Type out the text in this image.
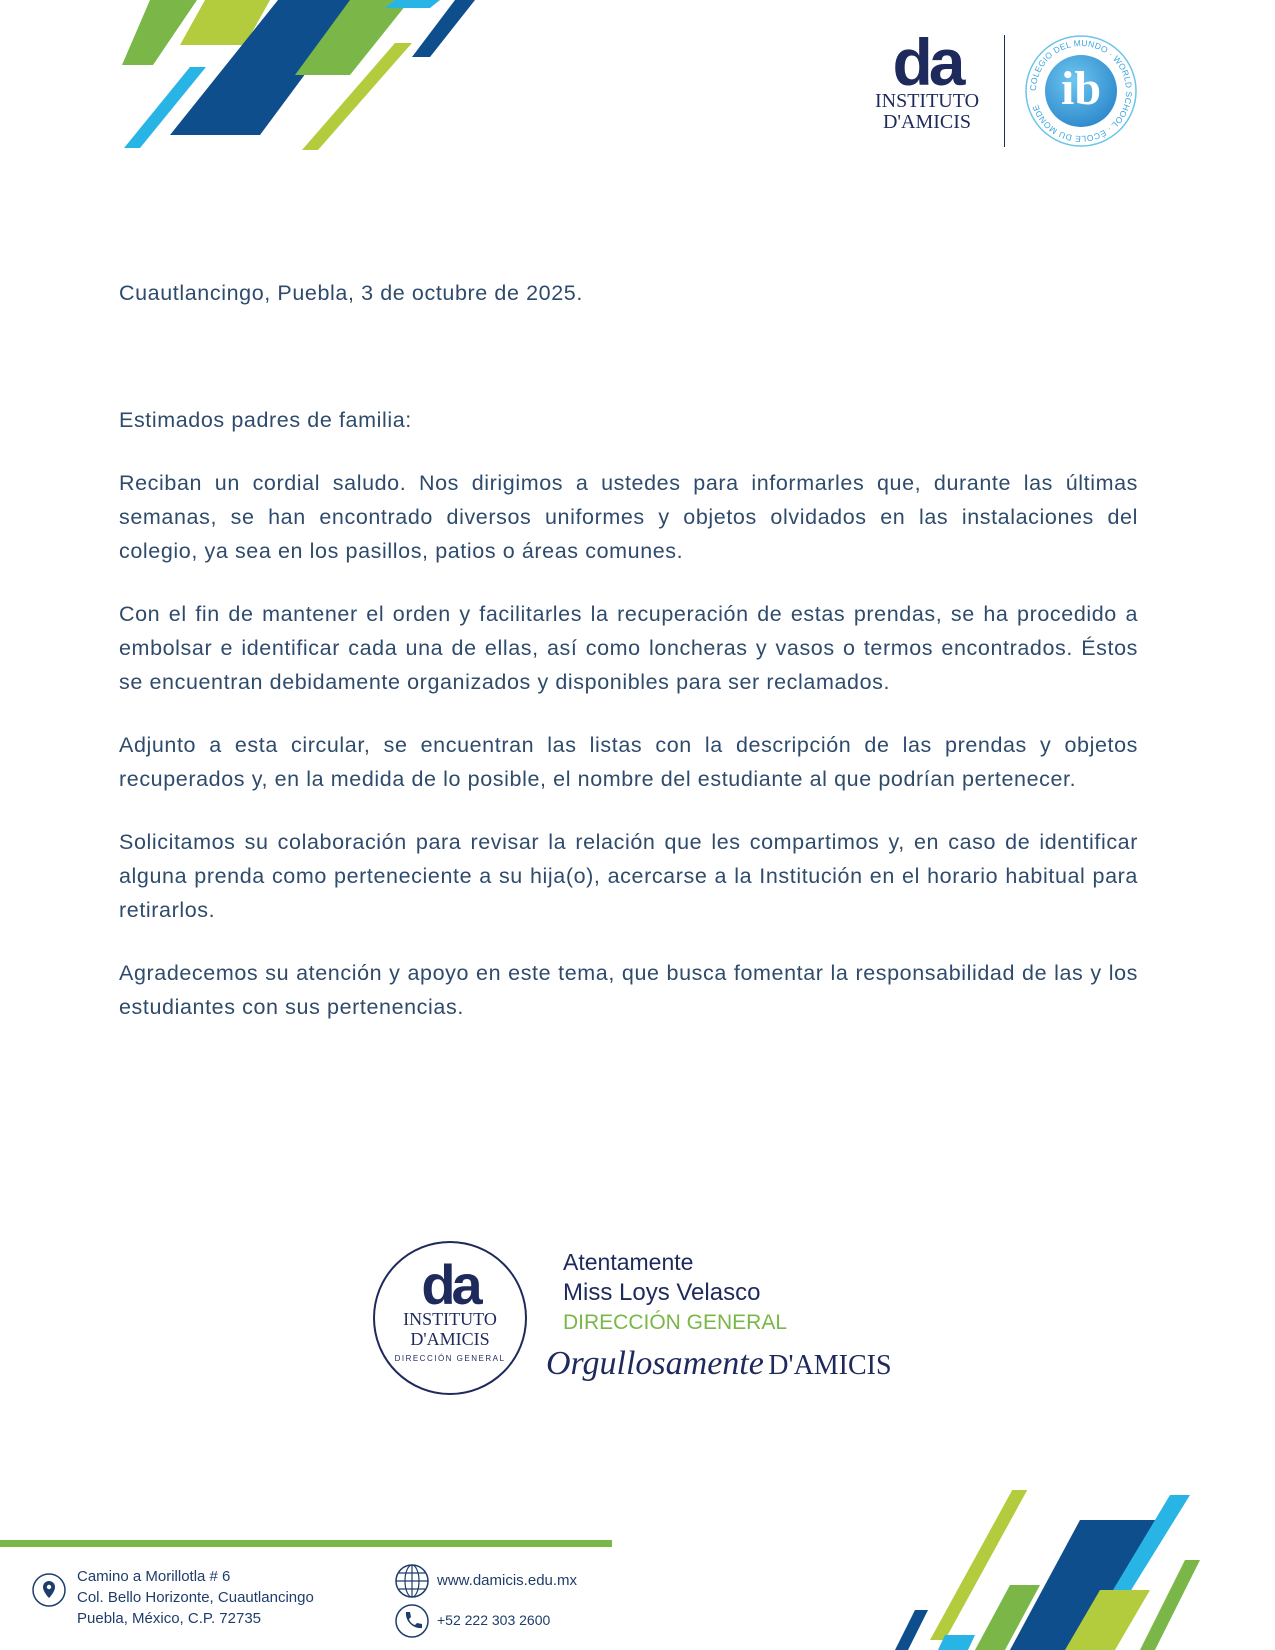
da
INSTITUTO
D'AMICIS
COLEGIO DEL MUNDO · WORLD SCHOOL · ÉCOLE DU MONDE ib

Cuautlancingo, Puebla, 3 de octubre de 2025.

Estimados padres de familia:

Reciban un cordial saludo. Nos dirigimos a ustedes para informarles que, durante las últimas semanas, se han encontrado diversos uniformes y objetos olvidados en las instalaciones del colegio, ya sea en los pasillos, patios o áreas comunes.

Con el fin de mantener el orden y facilitarles la recuperación de estas prendas, se ha procedido a embolsar e identificar cada una de ellas, así como loncheras y vasos o termos encontrados. Éstos se encuentran debidamente organizados y disponibles para ser reclamados.

Adjunto a esta circular, se encuentran las listas con la descripción de las prendas y objetos recuperados y, en la medida de lo posible, el nombre del estudiante al que podrían pertenecer.

Solicitamos su colaboración para revisar la relación que les compartimos y, en caso de identificar alguna prenda como perteneciente a su hija(o), acercarse a la Institución en el horario habitual para retirarlos.

Agradecemos su atención y apoyo en este tema, que busca fomentar la responsabilidad de las y los estudiantes con sus pertenencias.

da
INSTITUTO
D'AMICIS
DIRECCIÓN GENERAL
Atentamente
Miss Loys Velasco
DIRECCIÓN GENERAL
Orgullosamente D'AMICIS
Camino a Morillotla # 6
Col. Bello Horizonte, Cuautlancingo
Puebla, México, C.P. 72735
www.damicis.edu.mx
+52 222 303 2600
